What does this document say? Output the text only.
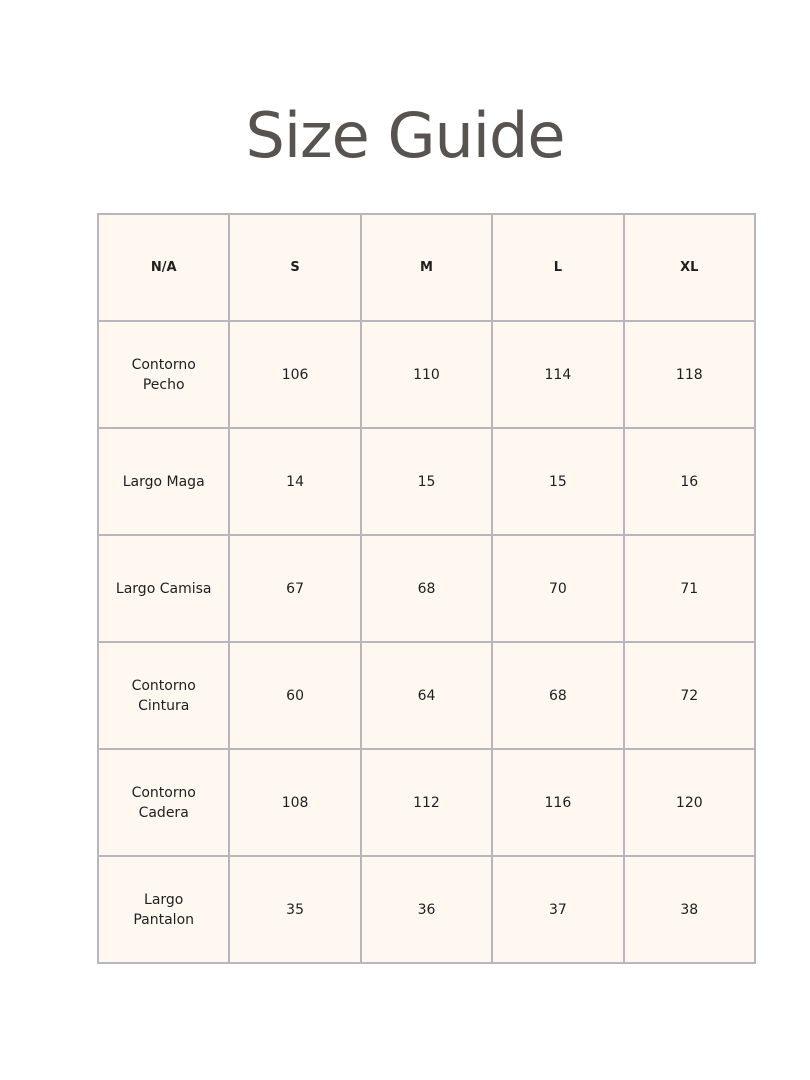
Size Guide
N/A	S	M	L	XL
Contorno Pecho	106	110	114	118
Largo Maga	14	15	15	16
Largo Camisa	67	68	70	71
Contorno Cintura	60	64	68	72
Contorno Cadera	108	112	116	120
Largo Pantalon	35	36	37	38
